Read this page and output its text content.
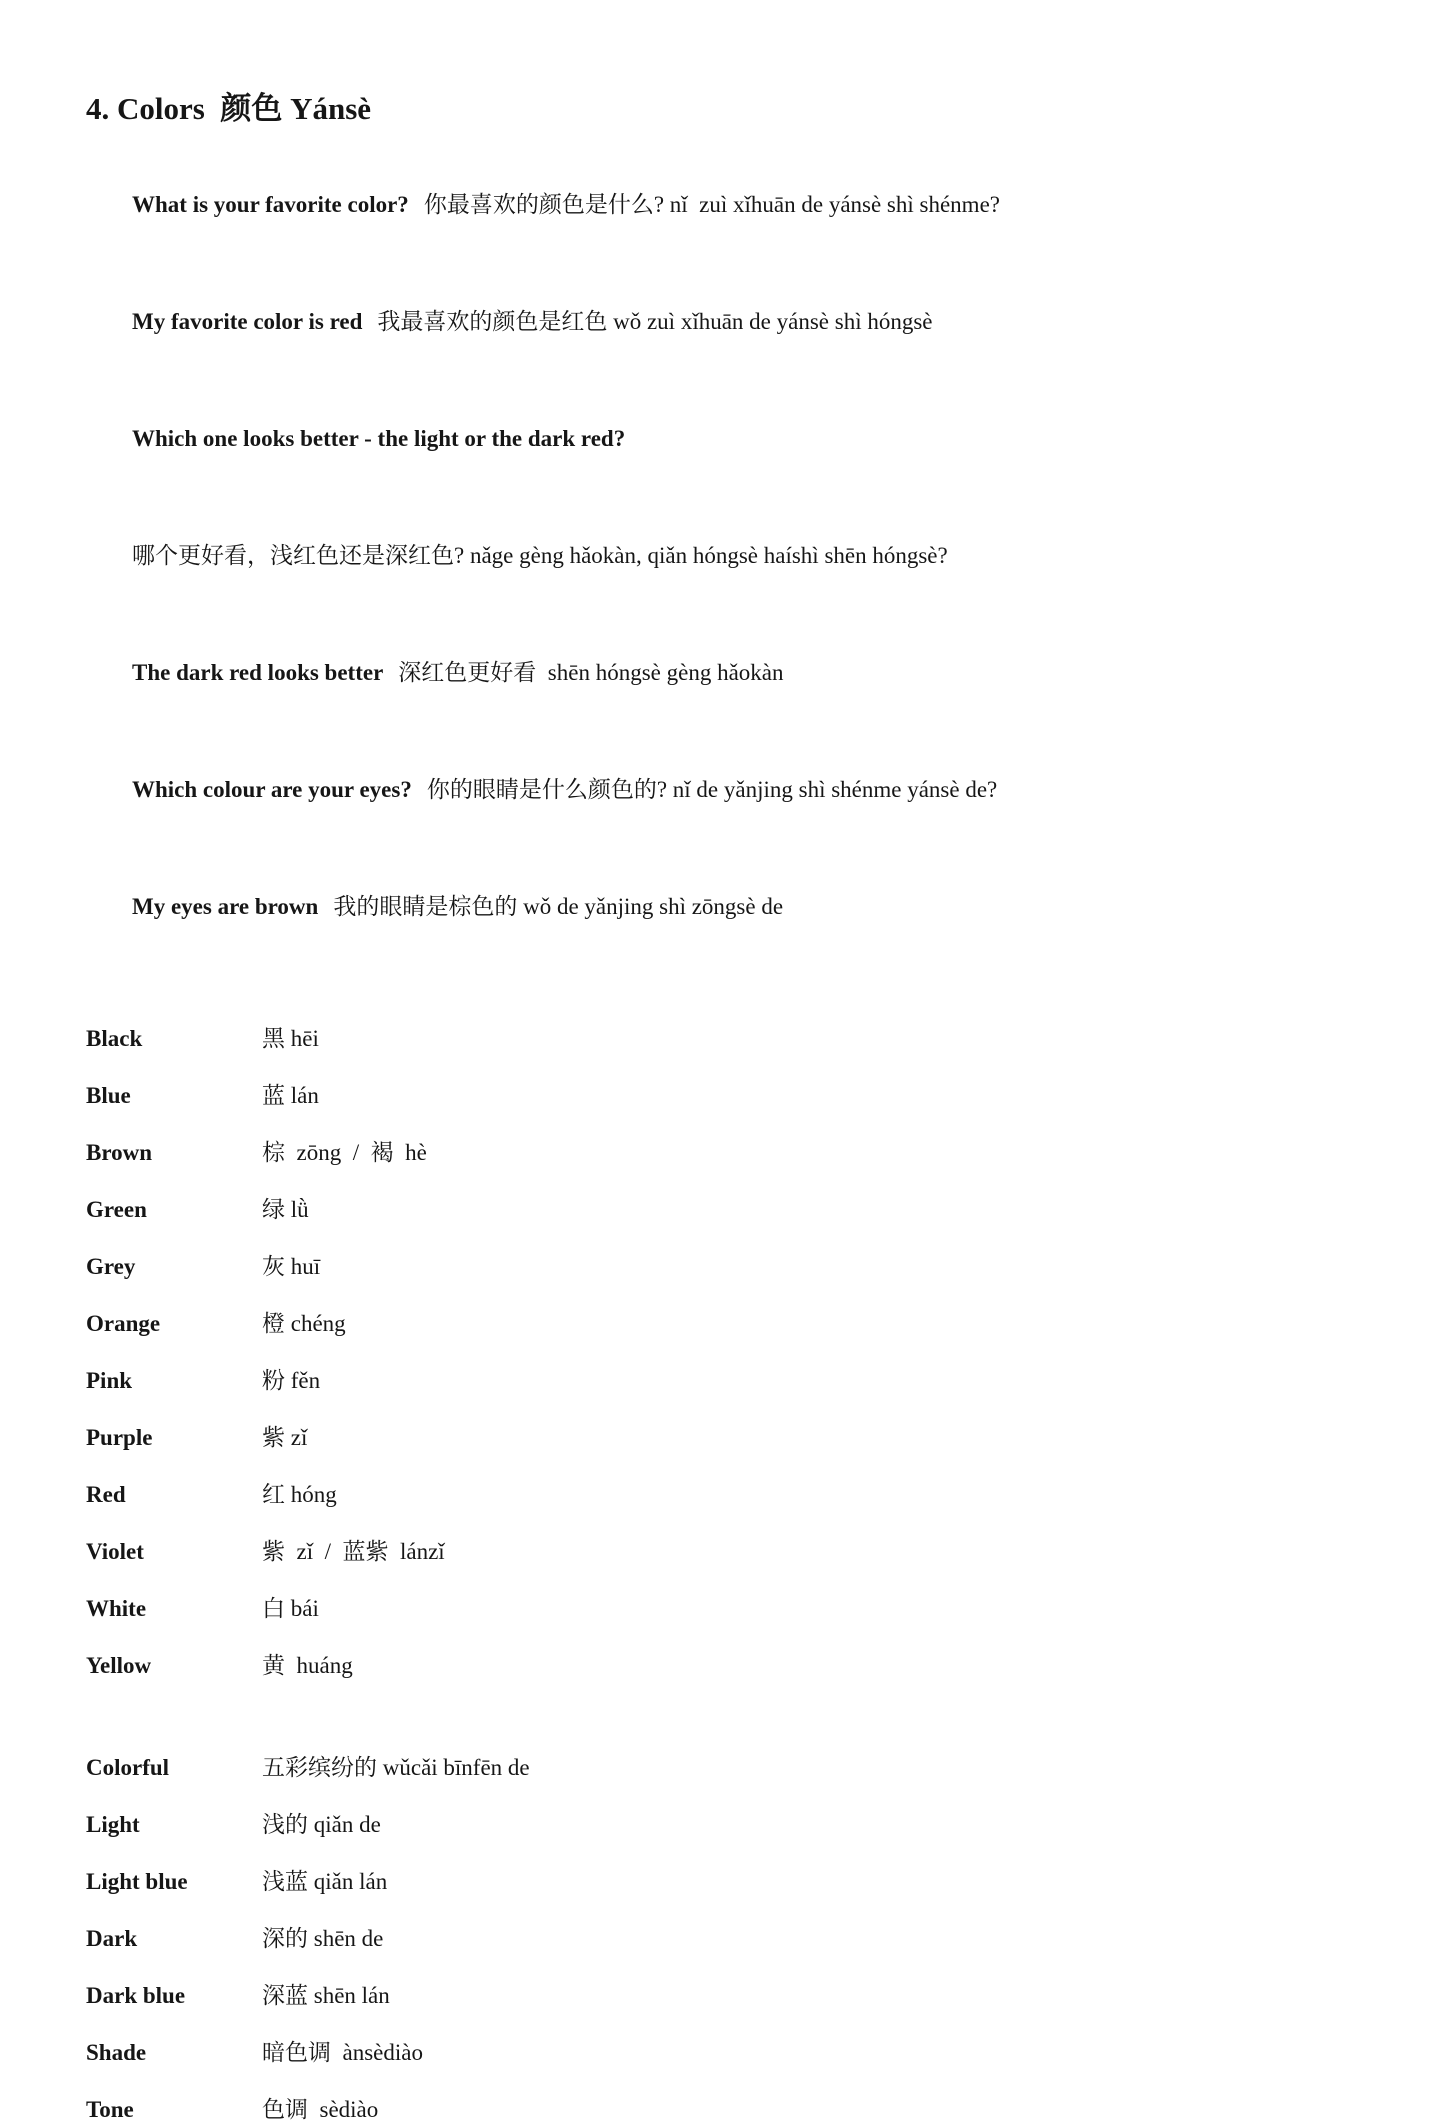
4. Colors  颜色 Yánsè

What is your favorite color? 你最喜欢的颜色是什么? nǐ  zuì xǐhuān de yánsè shì shénme?

My favorite color is red 我最喜欢的颜色是红色 wǒ zuì xǐhuān de yánsè shì hóngsè

Which one looks better - the light or the dark red?

哪个更好看，浅红色还是深红色? nǎge gèng hǎokàn, qiǎn hóngsè haíshì shēn hóngsè?

The dark red looks better 深红色更好看  shēn hóngsè gèng hǎokàn

Which colour are your eyes? 你的眼睛是什么颜色的? nǐ de yǎnjing shì shénme yánsè de?

My eyes are brown 我的眼睛是棕色的 wǒ de yǎnjing shì zōngsè de

Black	黑 hēi
Blue	蓝 lán
Brown	棕  zōng  /  褐  hè
Green	绿 lǜ
Grey	灰 huī
Orange	橙 chéng
Pink	粉 fěn
Purple	紫 zǐ
Red	红 hóng
Violet	紫  zǐ  /  蓝紫  lánzǐ
White	白 bái
Yellow	黄  huáng
Colorful	五彩缤纷的 wǔcǎi bīnfēn de
Light	浅的 qiǎn de
Light blue	浅蓝 qiǎn lán
Dark	深的 shēn de
Dark blue	深蓝 shēn lán
Shade	暗色调  ànsèdiào
Tone	色调  sèdiào
